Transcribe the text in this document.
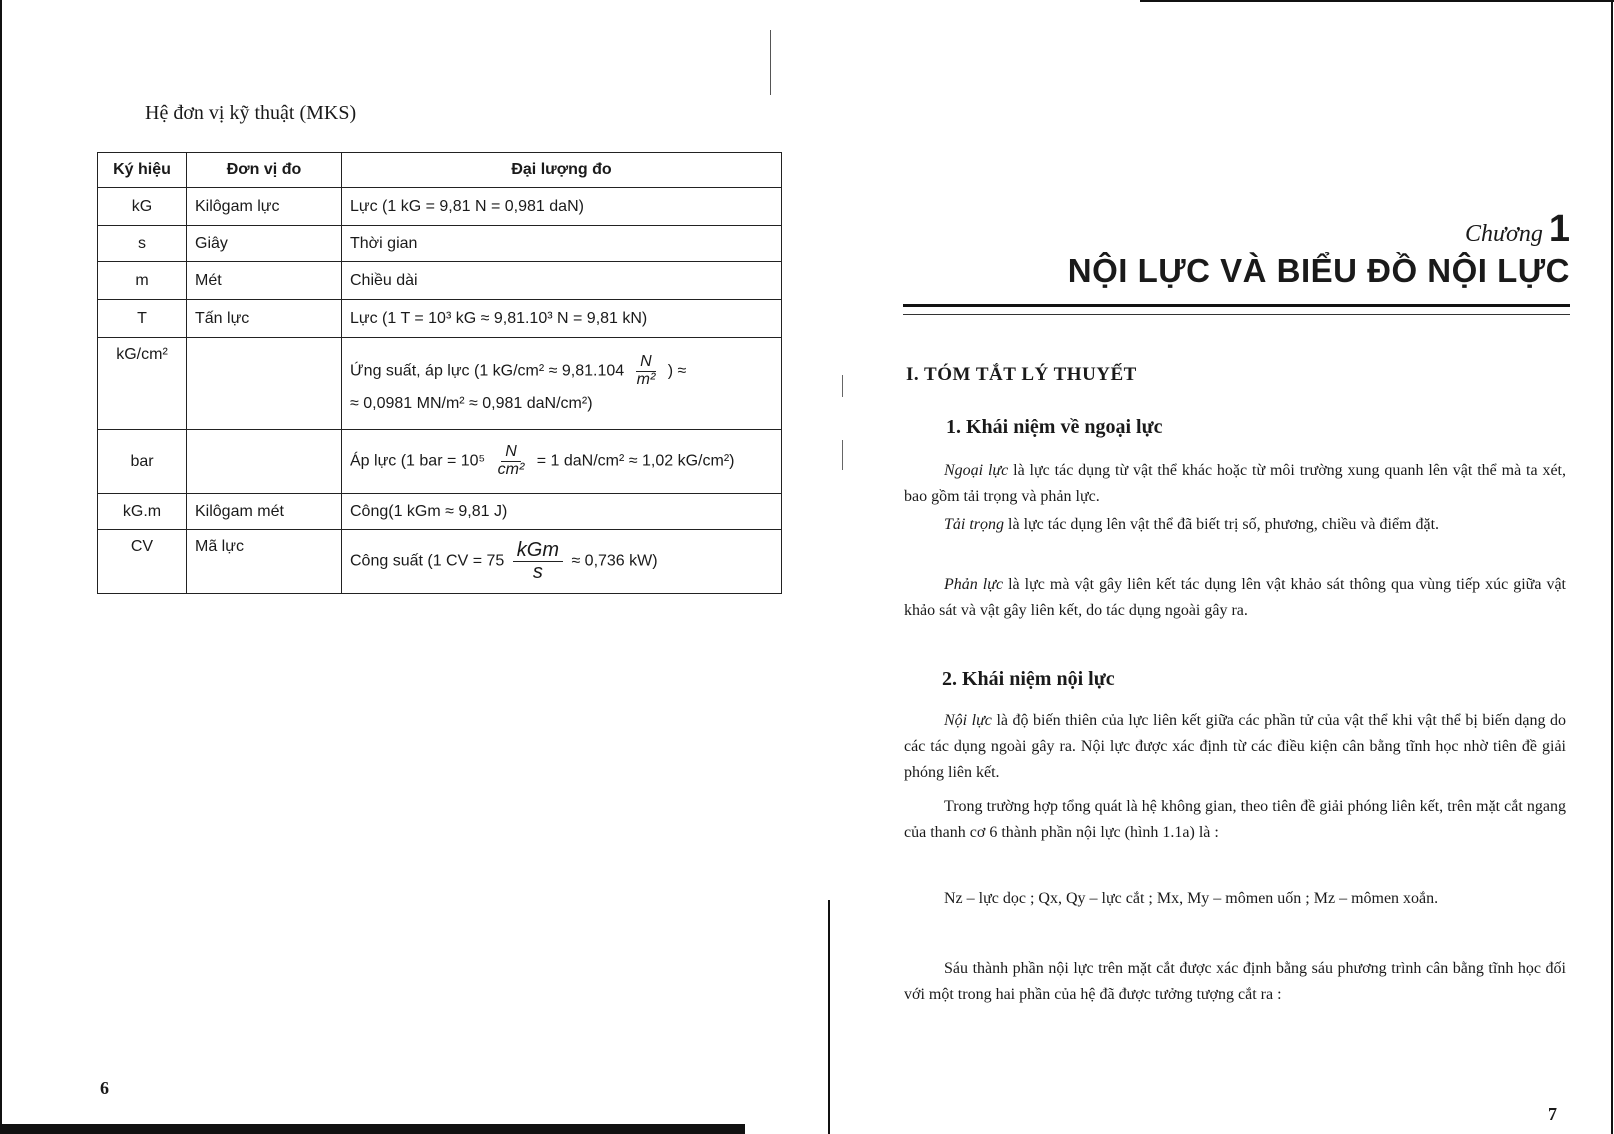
Hệ đơn vị kỹ thuật (MKS)
Ký hiệu	Đơn vị đo	Đại lượng đo
kG	Kilôgam lực	Lực (1 kG = 9,81 N = 0,981 daN)
s	Giây	Thời gian
m	Mét	Chiều dài
T	Tấn lực	Lực (1 T = 10³ kG ≈ 9,81.10³ N = 9,81 kN)
kG/cm²		Ứng suất, áp lực (1 $kG/cm^2 \approx 9,81.104 \frac{N}{\text{m²}}$ ) ≈
≈ 0,0981 MN/m² ≈ 0,981 daN/cm²)

bar		Áp lực (1 bar = $10^5 \frac{N}{\text{cm²}} = 1$ daN/cm² ≈ 1,02 kG/cm²)
kG.m	Kilôgam mét	Công(1 kGm ≈ 9,81 J)
CV	Mã lực	Công suất (1 CV = $75 \frac{\text{kGm}}{s} \approx 0,736$ kW)
6
Chương 1
NỘI LỰC VÀ BIỂU ĐỒ NỘI LỰC
I. TÓM TẮT LÝ THUYẾT
1. Khái niệm về ngoại lực
Ngoại lực là lực tác dụng từ vật thể khác hoặc từ môi trường xung quanh lên vật thể mà ta xét, bao gồm tải trọng và phản lực.
Tải trọng là lực tác dụng lên vật thể đã biết trị số, phương, chiều và điểm đặt.
Phản lực là lực mà vật gây liên kết tác dụng lên vật khảo sát thông qua vùng tiếp xúc giữa vật khảo sát và vật gây liên kết, do tác dụng ngoài gây ra.
2. Khái niệm nội lực
Nội lực là độ biến thiên của lực liên kết giữa các phần tử của vật thể khi vật thể bị biến dạng do các tác dụng ngoài gây ra. Nội lực được xác định từ các điều kiện cân bằng tĩnh học nhờ tiên đề giải phóng liên kết.
Trong trường hợp tổng quát là hệ không gian, theo tiên đề giải phóng liên kết, trên mặt cắt ngang của thanh cơ 6 thành phần nội lực (hình 1.1a) là :
Nz – lực dọc ; Qx, Qy – lực cắt ; Mx, My – mômen uốn ; Mz – mômen xoắn.
Sáu thành phần nội lực trên mặt cắt được xác định bằng sáu phương trình cân bằng tĩnh học đối với một trong hai phần của hệ đã được tưởng tượng cắt ra :
7
